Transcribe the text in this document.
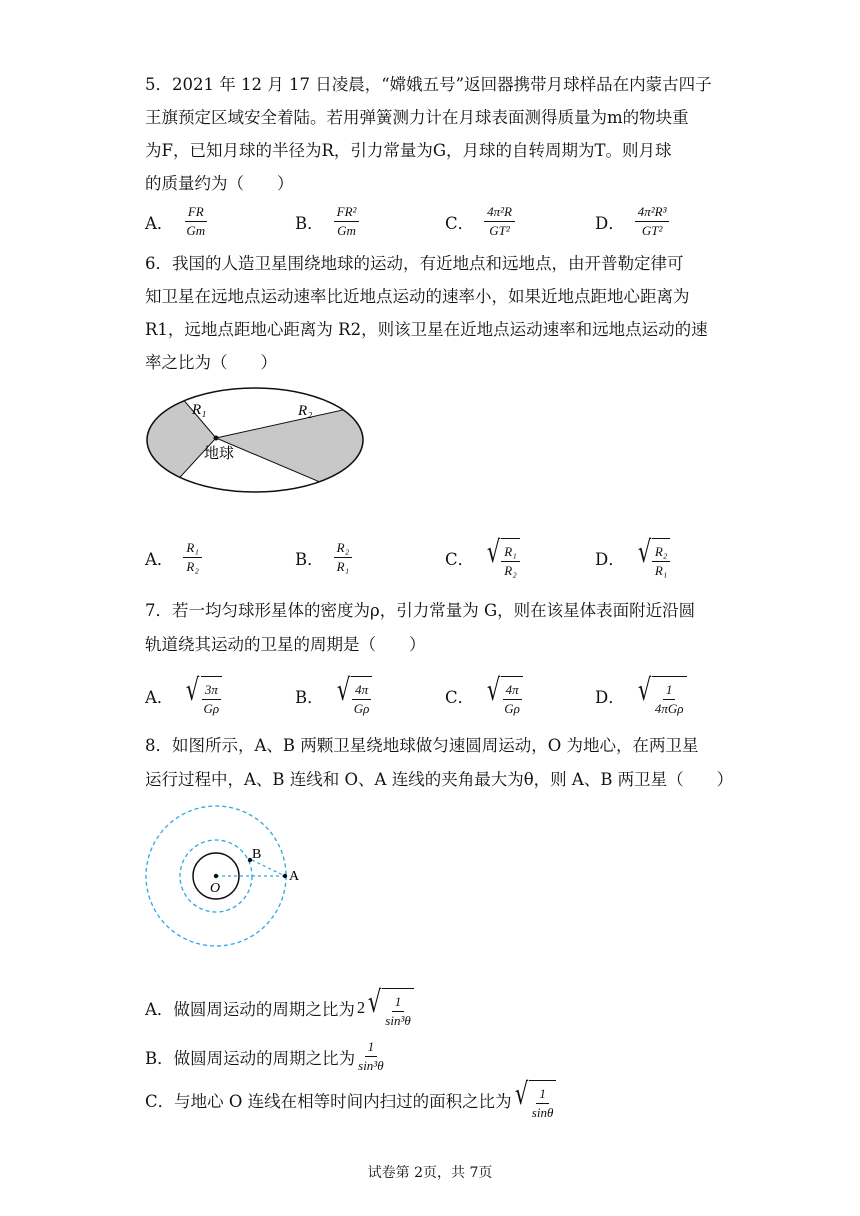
5．2021 年 12 月 17 日凌晨，“嫦娥五号”返回器携带月球样品在内蒙古四子
王旗预定区域安全着陆。若用弹簧测力计在月球表面测得质量为m的物块重
为F，已知月球的半径为R，引力常量为G，月球的自转周期为T。则月球
的质量约为（　　）
A． $\frac{FR}{Gm}$	B． $\frac{\text{FR²}}{Gm}$	C． $\frac{\text{4π²R}}{\text{GT²}}$	D． $\frac{\text{4π²R³}}{\text{GT²}}$
6．我国的人造卫星围绕地球的运动，有近地点和远地点，由开普勒定律可
知卫星在远地点运动速率比近地点运动的速率小，如果近地点距地心距离为
R1，远地点距地心距离为 R2，则该卫星在近地点运动速率和远地点运动的速
率之比为（　　）
R₁	R₂
地球
A． $\frac{\text{R₁}}{\text{R₂}}$	B． $\frac{\text{R₂}}{\text{R₁}}$	C． √ $\frac{\text{R₁}}{\text{R₂}}$	D． √ $\frac{\text{R₂}}{\text{R₁}}$
7．若一均匀球形星体的密度为ρ，引力常量为 G，则在该星体表面附近沿圆
轨道绕其运动的卫星的周期是（　　）
A． √ $\frac{3\pi}{G\rho}$	B． √ $\frac{4\pi}{G\rho}$	C． √ $\frac{4\pi}{G\rho}$	D． √ $\frac{1}{\text{4πGρ}}$
8．如图所示，A、B 两颗卫星绕地球做匀速圆周运动，O 为地心，在两卫星
运行过程中，A、B 连线和 O、A 连线的夹角最大为θ，则 A、B 两卫星（　　）
O
B
A
A．做圆周运动的周期之比为 2 √ $\frac{1}{\text{sin³θ}}$
B．做圆周运动的周期之比为 $\frac{1}{\text{sin³θ}}$
C．与地心 O 连线在相等时间内扫过的面积之比为 √ $\frac{1}{\sin\theta}$
试卷第 2页，共 7页
